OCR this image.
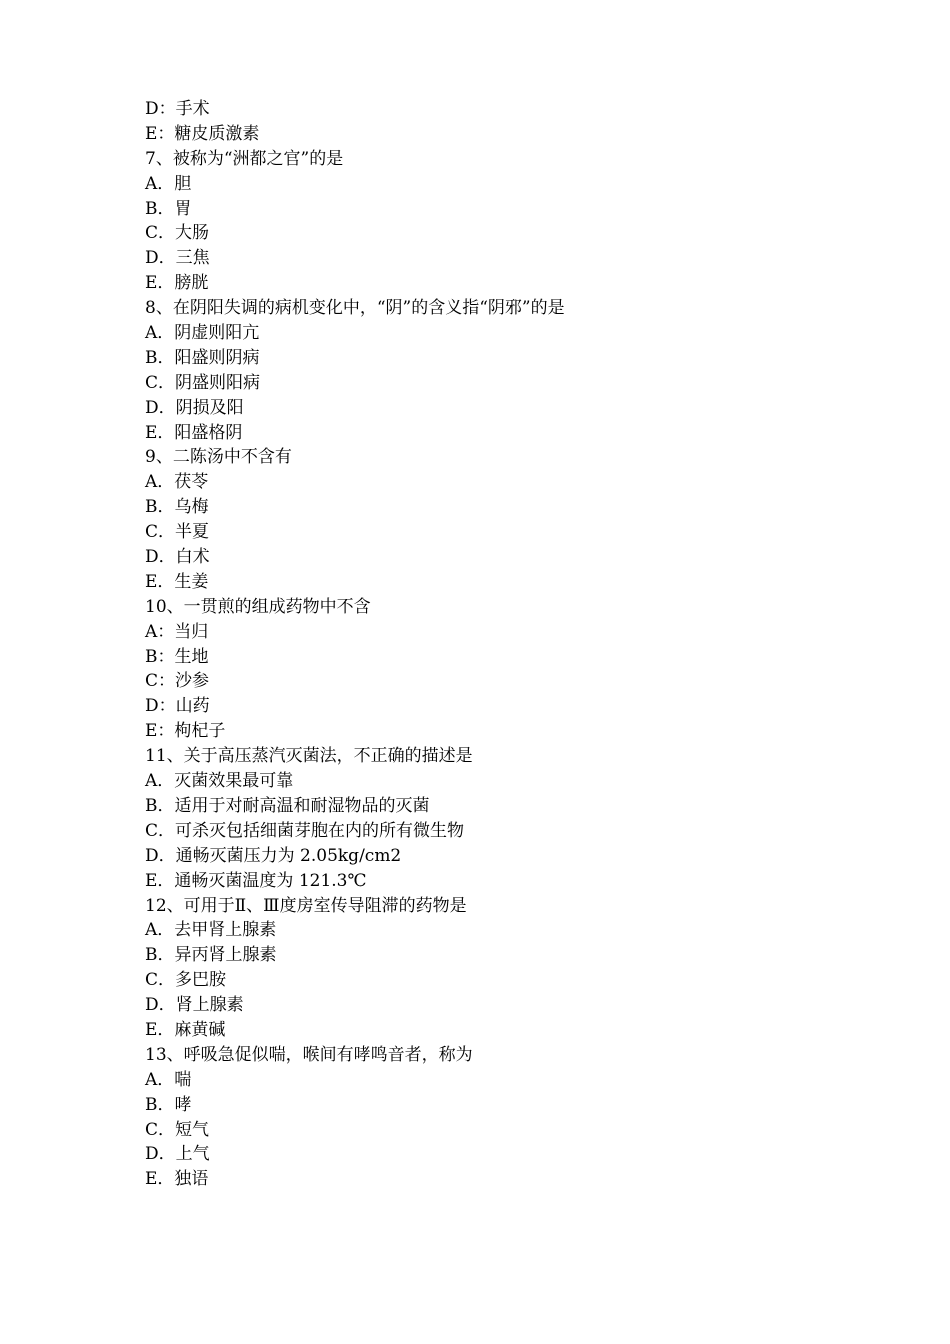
D：手术
E：糖皮质激素
7、被称为“洲都之官”的是
A．胆
B．胃
C．大肠
D．三焦
E．膀胱
8、在阴阳失调的病机变化中，“阴”的含义指“阴邪”的是
A．阴虚则阳亢
B．阳盛则阴病
C．阴盛则阳病
D．阴损及阳
E．阳盛格阴
9、二陈汤中不含有
A．茯苓
B．乌梅
C．半夏
D．白术
E．生姜
10、一贯煎的组成药物中不含
A：当归
B：生地
C：沙参
D：山药
E：枸杞子
11、关于高压蒸汽灭菌法，不正确的描述是
A．灭菌效果最可靠
B．适用于对耐高温和耐湿物品的灭菌
C．可杀灭包括细菌芽胞在内的所有微生物
D．通畅灭菌压力为 2.05kg/cm2
E．通畅灭菌温度为 121.3℃
12、可用于Ⅱ、Ⅲ度房室传导阻滞的药物是
A．去甲肾上腺素
B．异丙肾上腺素
C．多巴胺
D．肾上腺素
E．麻黄碱
13、呼吸急促似喘，喉间有哮鸣音者，称为
A．喘
B．哮
C．短气
D．上气
E．独语
